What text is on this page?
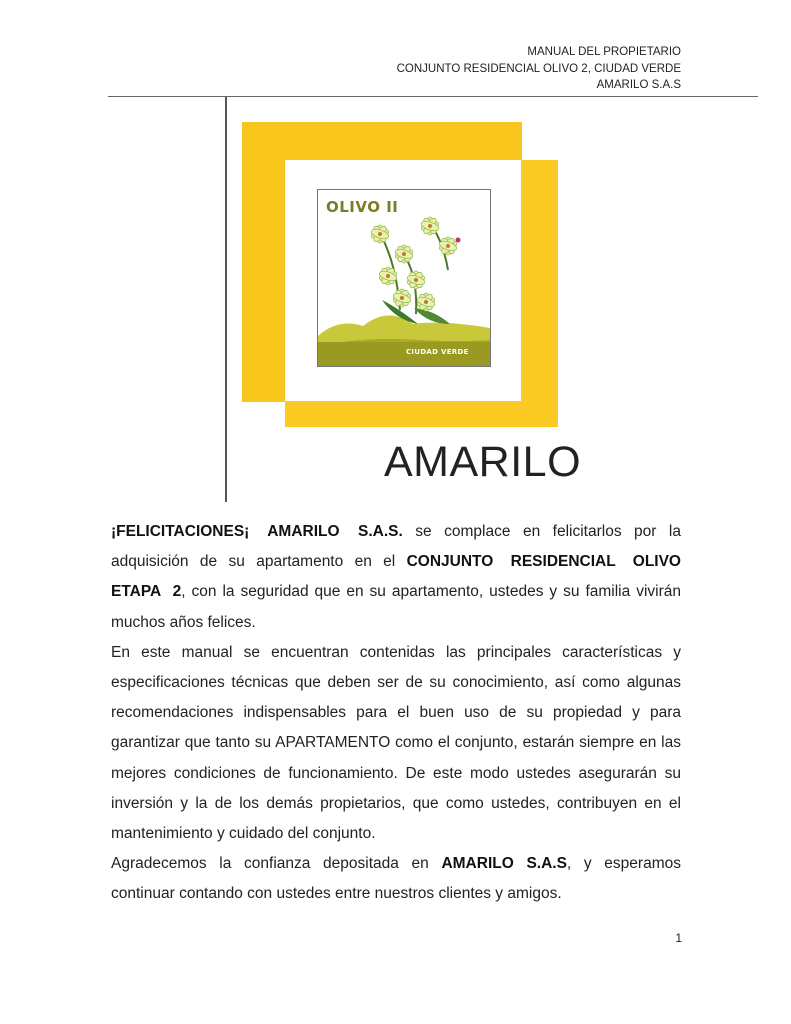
MANUAL DEL PROPIETARIO
CONJUNTO RESIDENCIAL OLIVO 2, CIUDAD VERDE
AMARILO S.A.S
OLIVO II
CIUDAD VERDE
AMARILO

¡FELICITACIONES¡ AMARILO S.A.S. se complace en felicitarlos por la adquisición de su apartamento en el CONJUNTO RESIDENCIAL OLIVO ETAPA 2, con la seguridad que en su apartamento, ustedes y su familia vivirán muchos años felices.

En este manual se encuentran contenidas las principales características y especificaciones técnicas que deben ser de su conocimiento, así como algunas recomendaciones indispensables para el buen uso de su propiedad y para garantizar que tanto su APARTAMENTO como el conjunto, estarán siempre en las mejores condiciones de funcionamiento. De este modo ustedes asegurarán su inversión y la de los demás propietarios, que como ustedes, contribuyen en el mantenimiento y cuidado del conjunto.

Agradecemos la confianza depositada en AMARILO S.A.S, y esperamos continuar contando con ustedes entre nuestros clientes y amigos.

1
